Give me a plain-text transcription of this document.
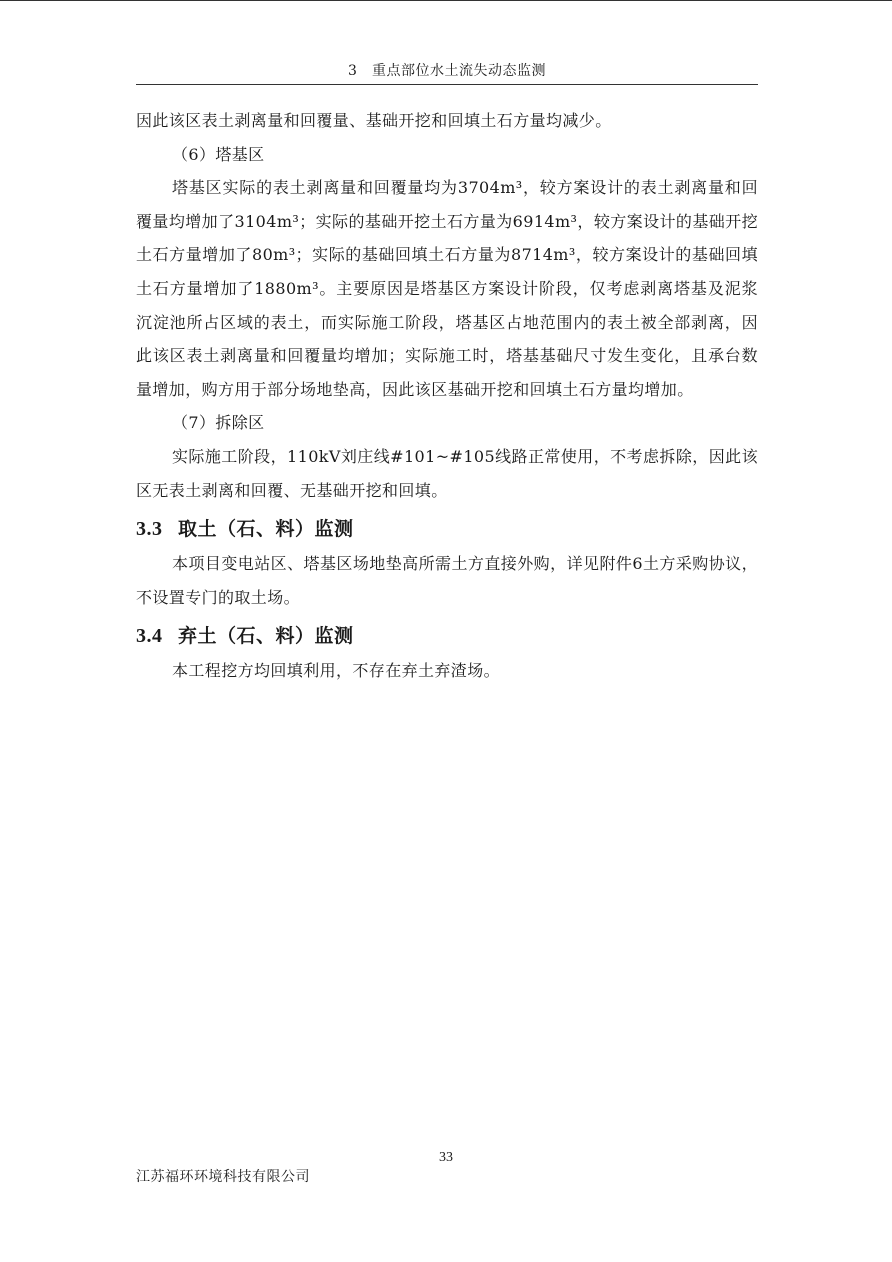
3　重点部位水土流失动态监测

因此该区表土剥离量和回覆量、基础开挖和回填土石方量均减少。

（6）塔基区

塔基区实际的表土剥离量和回覆量均为3704m³，较方案设计的表土剥离量和回覆量均增加了3104m³；实际的基础开挖土石方量为6914m³，较方案设计的基础开挖土石方量增加了80m³；实际的基础回填土石方量为8714m³，较方案设计的基础回填土石方量增加了1880m³。主要原因是塔基区方案设计阶段，仅考虑剥离塔基及泥浆沉淀池所占区域的表土，而实际施工阶段，塔基区占地范围内的表土被全部剥离，因此该区表土剥离量和回覆量均增加；实际施工时，塔基基础尺寸发生变化，且承台数量增加，购方用于部分场地垫高，因此该区基础开挖和回填土石方量均增加。

（7）拆除区

实际施工阶段，110kV刘庄线#101~#105线路正常使用，不考虑拆除，因此该区无表土剥离和回覆、无基础开挖和回填。

3.3 取土（石、料）监测

本项目变电站区、塔基区场地垫高所需土方直接外购，详见附件6土方采购协议，不设置专门的取土场。

3.4 弃土（石、料）监测

本工程挖方均回填利用，不存在弃土弃渣场。

33
江苏福环环境科技有限公司
